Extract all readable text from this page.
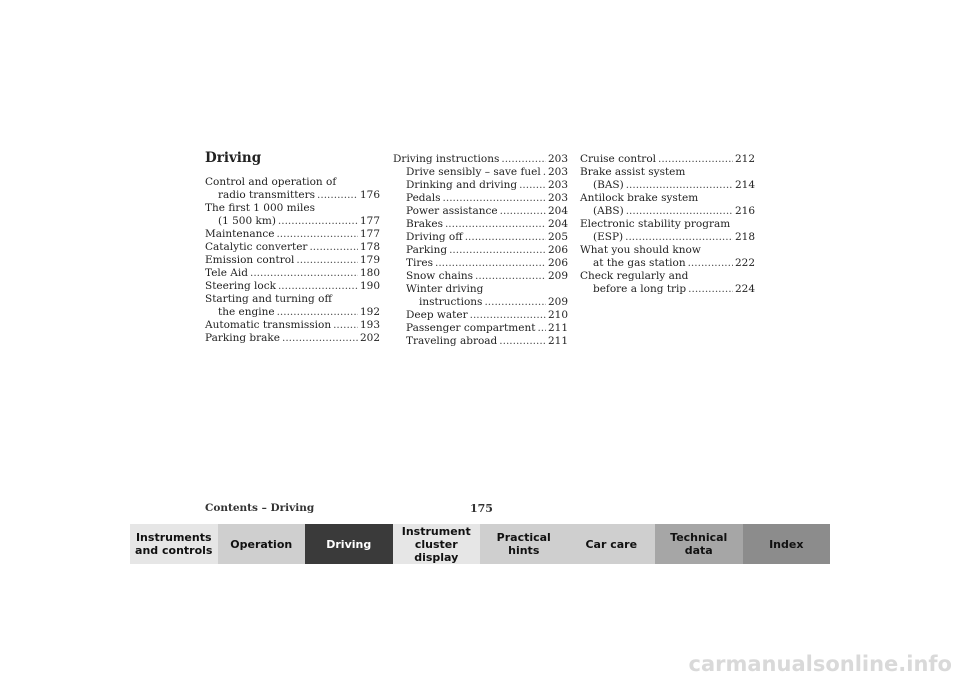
Driving
Control and operation of
radio transmitters .....	176
The first 1 000 miles
(1 500 km) .....	177
Maintenance .....	177
Catalytic converter .....	178
Emission control .....	179
Tele Aid .....	180
Steering lock .....	190
Starting and turning off
the engine .....	192
Automatic transmission .....	193
Parking brake .....	202
Driving instructions .....	203
Drive sensibly – save fuel ..... 203
Drinking and driving .....	203
Pedals .....	203
Power assistance .....	204
Brakes .....	204
Driving off .....	205
Parking .....	206
Tires .....	206
Snow chains .....	209
Winter driving
instructions .....	209
Deep water .....	210
Passenger compartment ..... 211
Traveling abroad .....	211
Cruise control .....	212
Brake assist system
(BAS) .....	214
Antilock brake system
(ABS) .....	216
Electronic stability program
(ESP) .....	218
What you should know
at the gas station .....	222
Check regularly and
before a long trip .....	224
Contents – Driving	175
Instruments
and controls	Operation	Driving
Instrument
cluster display
Practical hints	Car care	Technical
data	Index
carmanualsonline.info
